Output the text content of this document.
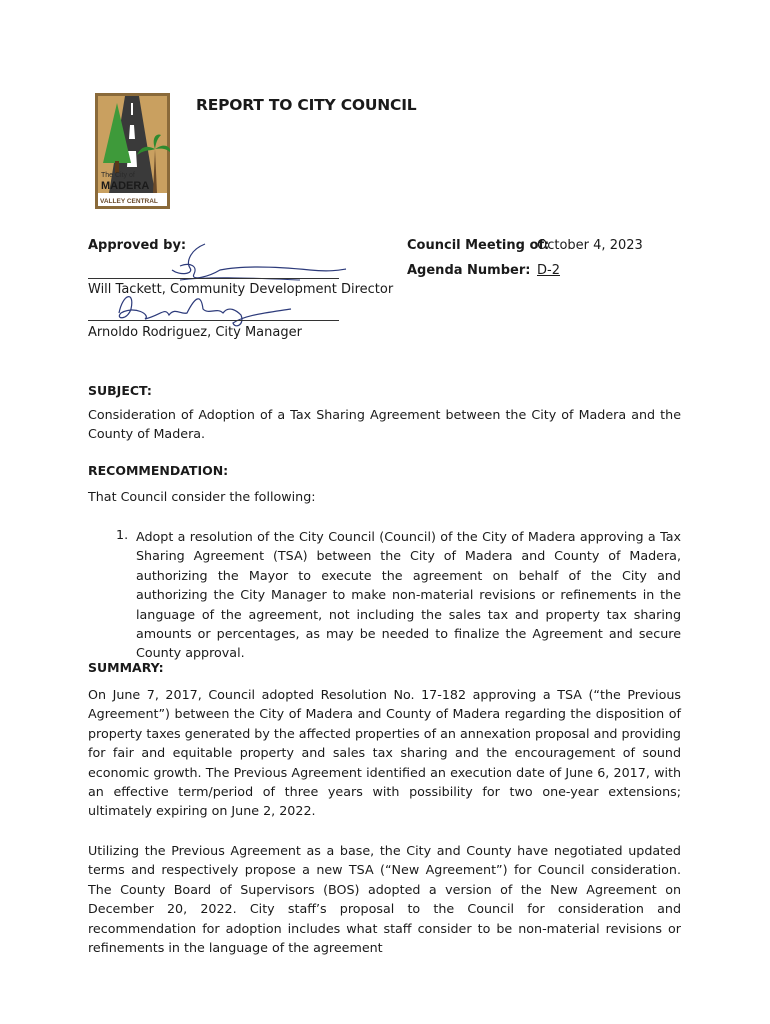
The City of
MADERA
VALLEY CENTRAL
REPORT TO CITY COUNCIL
Approved by:
Will Tackett, Community Development Director
Arnoldo Rodriguez, City Manager
Council Meeting of:
October 4, 2023
Agenda Number: D-2
SUBJECT:
Consideration of Adoption of a Tax Sharing Agreement between the City of Madera and the County of Madera.
RECOMMENDATION:
That Council consider the following:
1. Adopt a resolution of the City Council (Council) of the City of Madera approving a Tax Sharing Agreement (TSA) between the City of Madera and County of Madera, authorizing the Mayor to execute the agreement on behalf of the City and authorizing the City Manager to make non-material revisions or refinements in the language of the agreement, not including the sales tax and property tax sharing amounts or percentages, as may be needed to finalize the Agreement and secure County approval.
SUMMARY:
On June 7, 2017, Council adopted Resolution No. 17-182 approving a TSA (“the Previous Agreement”) between the City of Madera and County of Madera regarding the disposition of property taxes generated by the affected properties of an annexation proposal and providing for fair and equitable property and sales tax sharing and the encouragement of sound economic growth. The Previous Agreement identified an execution date of June 6, 2017, with an effective term/period of three years with possibility for two one-year extensions; ultimately expiring on June 2, 2022.
Utilizing the Previous Agreement as a base, the City and County have negotiated updated terms and respectively propose a new TSA (“New Agreement”) for Council consideration. The County Board of Supervisors (BOS) adopted a version of the New Agreement on December 20, 2022. City staff’s proposal to the Council for consideration and recommendation for adoption includes what staff consider to be non-material revisions or refinements in the language of the agreement
